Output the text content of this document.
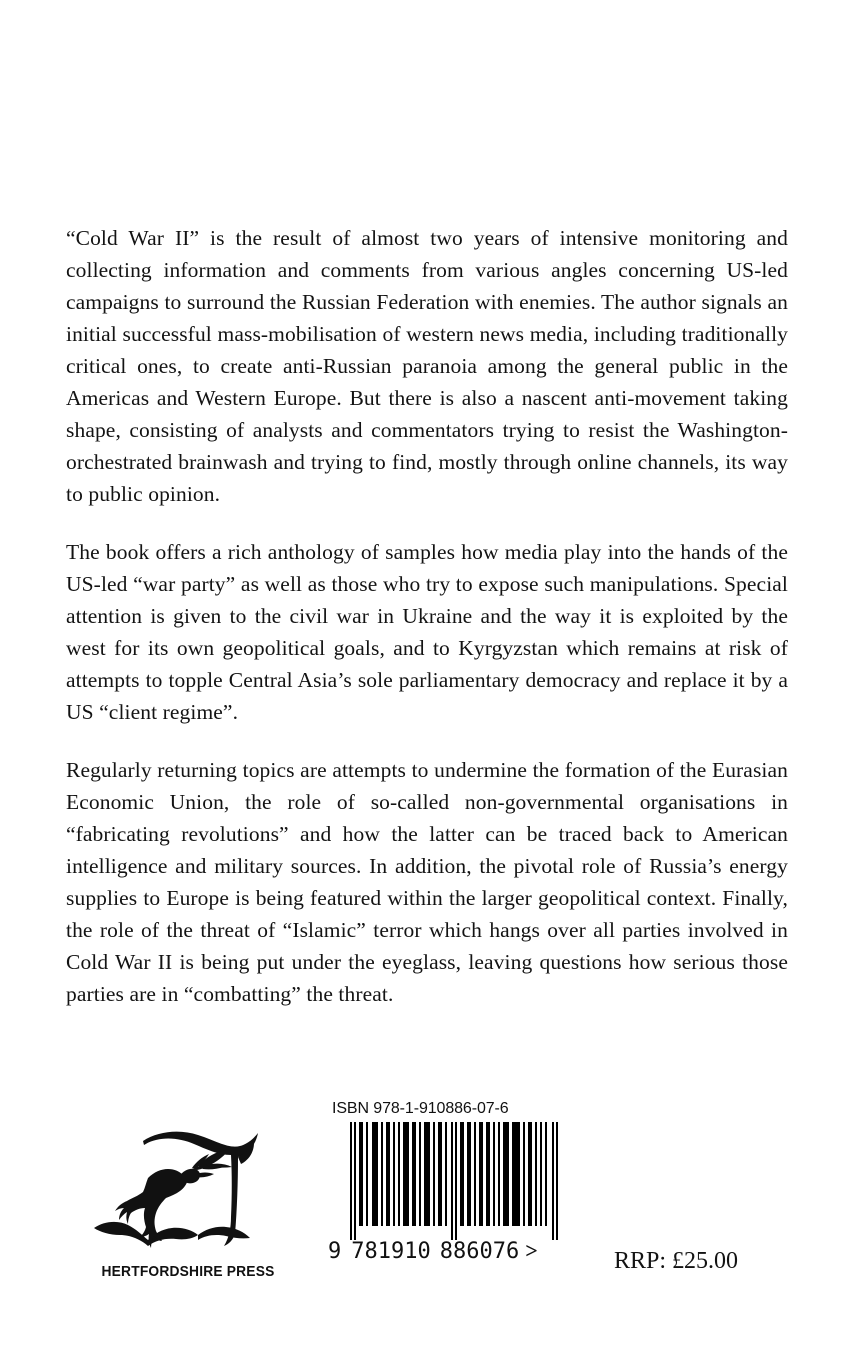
“Cold War II” is the result of almost two years of intensive monitoring and collecting information and comments from various angles concerning US-led campaigns to surround the Russian Federation with enemies. The author signals an initial successful mass-mobilisation of western news media, including traditionally critical ones, to create anti-Russian paranoia among the general public in the Americas and Western Europe. But there is also a nascent anti-movement taking shape, consisting of analysts and commentators trying to resist the Washington-orchestrated brainwash and trying to find, mostly through online channels, its way to public opinion.

The book offers a rich anthology of samples how media play into the hands of the US-led “war party” as well as those who try to expose such manipulations. Special attention is given to the civil war in Ukraine and the way it is exploited by the west for its own geopolitical goals, and to Kyrgyzstan which remains at risk of attempts to topple Central Asia’s sole parliamentary democracy and replace it by a US “client regime”.

Regularly returning topics are attempts to undermine the formation of the Eurasian Economic Union, the role of so-called non-governmental organisations in “fabricating revolutions” and how the latter can be traced back to American intelligence and military sources. In addition, the pivotal role of Russia’s energy supplies to Europe is being featured within the larger geopolitical context. Finally, the role of the threat of “Islamic” terror which hangs over all parties involved in Cold War II is being put under the eyeglass, leaving questions how serious those parties are in “combatting” the threat.

HERTFORDSHIRE PRESS
ISBN 978-1-910886-07-6
9 781910 886076 >	RRP: £25.00
